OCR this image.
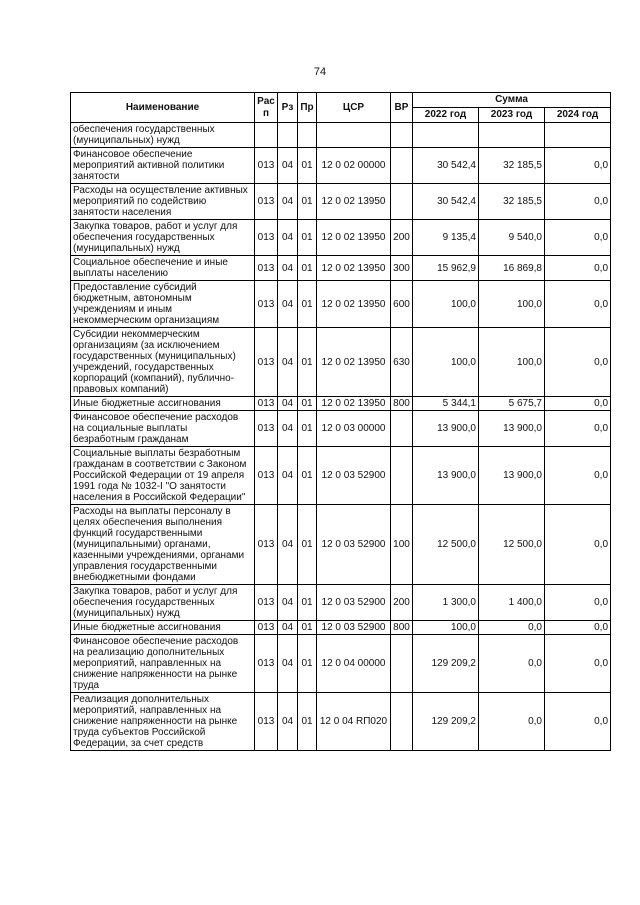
74
Наименование	Рас п	Рз	Пр	ЦСР	ВР	Сумма		
						2022 год	2023 год	2024 год
обеспечения государственных (муниципальных) нужд								
Финансовое обеспечение мероприятий активной политики занятости	013	04	01	12 0 02 00000		30 542,4	32 185,5	0,0
Расходы на осуществление активных мероприятий по содействию занятости населения	013	04	01	12 0 02 13950		30 542,4	32 185,5	0,0
Закупка товаров, работ и услуг для обеспечения государственных (муниципальных) нужд	013	04	01	12 0 02 13950	200	9 135,4	9 540,0	0,0
Социальное обеспечение и иные выплаты населению	013	04	01	12 0 02 13950	300	15 962,9	16 869,8	0,0
Предоставление субсидий бюджетным, автономным учреждениям и иным некоммерческим организациям	013	04	01	12 0 02 13950	600	100,0	100,0	0,0
Субсидии некоммерческим организациям (за исключением государственных (муниципальных) учреждений, государственных корпораций (компаний), публично-правовых компаний)	013	04	01	12 0 02 13950	630	100,0	100,0	0,0
Иные бюджетные ассигнования	013	04	01	12 0 02 13950	800	5 344,1	5 675,7	0,0
Финансовое обеспечение расходов на социальные выплаты безработным гражданам	013	04	01	12 0 03 00000		13 900,0	13 900,0	0,0
Социальные выплаты безработным гражданам в соответствии с Законом Российской Федерации от 19 апреля 1991 года № 1032-I "О занятости населения в Российской Федерации"	013	04	01	12 0 03 52900		13 900,0	13 900,0	0,0
Расходы на выплаты персоналу в целях обеспечения выполнения функций государственными (муниципальными) органами, казенными учреждениями, органами управления государственными внебюджетными фондами	013	04	01	12 0 03 52900	100	12 500,0	12 500,0	0,0
Закупка товаров, работ и услуг для обеспечения государственных (муниципальных) нужд	013	04	01	12 0 03 52900	200	1 300,0	1 400,0	0,0
Иные бюджетные ассигнования	013	04	01	12 0 03 52900	800	100,0	0,0	0,0
Финансовое обеспечение расходов на реализацию дополнительных мероприятий, направленных на снижение напряженности на рынке труда	013	04	01	12 0 04 00000		129 209,2	0,0	0,0
Реализация дополнительных мероприятий, направленных на снижение напряженности на рынке труда субъектов Российской Федерации, за счет средств	013	04	01	12 0 04 RП020		129 209,2	0,0	0,0
